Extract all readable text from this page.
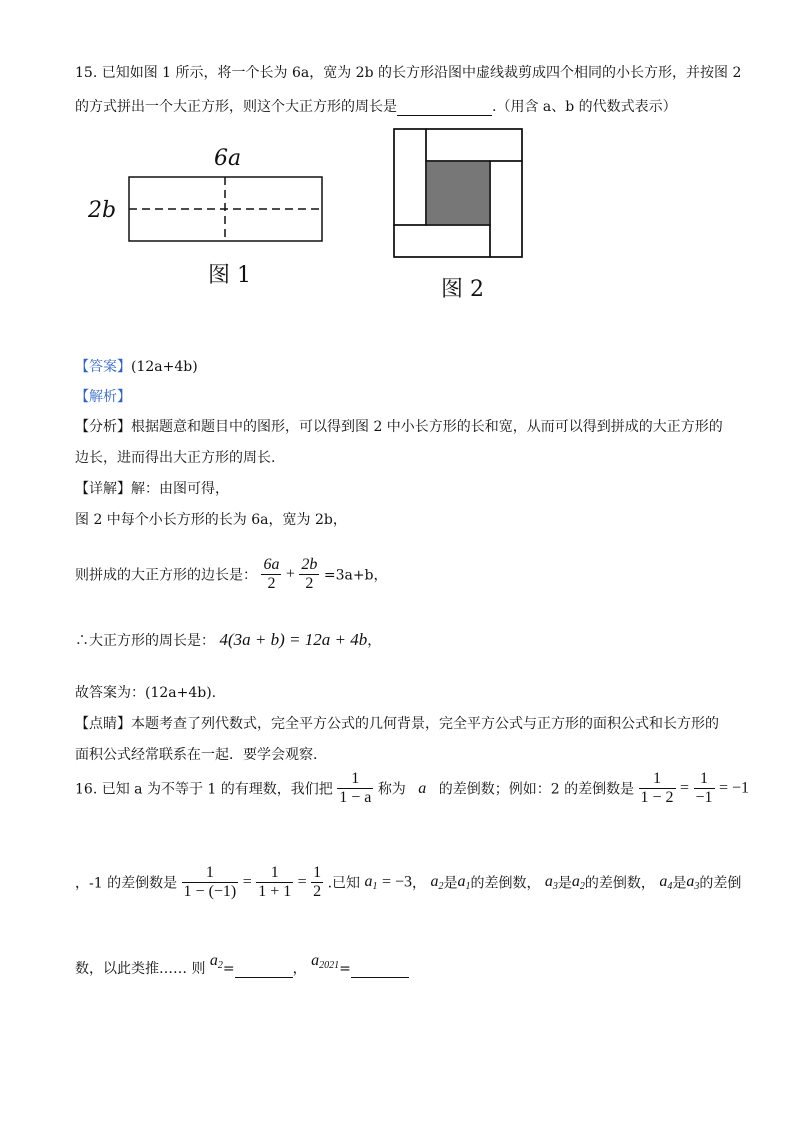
15. 已知如图 1 所示，将一个长为 6a，宽为 2b 的长方形沿图中虚线裁剪成四个相同的小长方形，并按图 2
的方式拼出一个大正方形，则这个大正方形的周长是	.（用含 a、b 的代数式表示）
6a
2b
图 1
图 2
【答案】(12a+4b)
【解析】
【分析】根据题意和题目中的图形，可以得到图 2 中小长方形的长和宽，从而可以得到拼成的大正方形的
边长，进而得出大正方形的周长.
【详解】解：由图可得，
图 2 中每个小长方形的长为 6a，宽为 2b，
则拼成的大正方形的边长是： $\frac{6a}{2} + \frac{2b}{2} =3a+b$，
∴大正方形的周长是： 4(3a + b) = 12a + 4b，
故答案为：(12a+4b).
【点睛】本题考查了列代数式，完全平方公式的几何背景，完全平方公式与正方形的面积公式和长方形的
面积公式经常联系在一起．要学会观察.
16. 已知 a 为不等于 1 的有理数，我们把 $\frac{1}{1 - a}$ 称为 a 的差倒数；例如：2 的差倒数是 $\frac{1}{1 - 2} = \frac{1}{-1} = -1$
，-1 的差倒数是 $\frac{1}{1 - (-1)} = \frac{1}{1 + 1} = \frac{1}{2}$ .已知 $a_1 = -3$， $a_2$是$a_1$的差倒数， $a_3$是$a_2$的差倒数， $a_4$是$a_3$的差倒
数，以此类推…… 则 $a_2=$	， $a_{2021}=$
